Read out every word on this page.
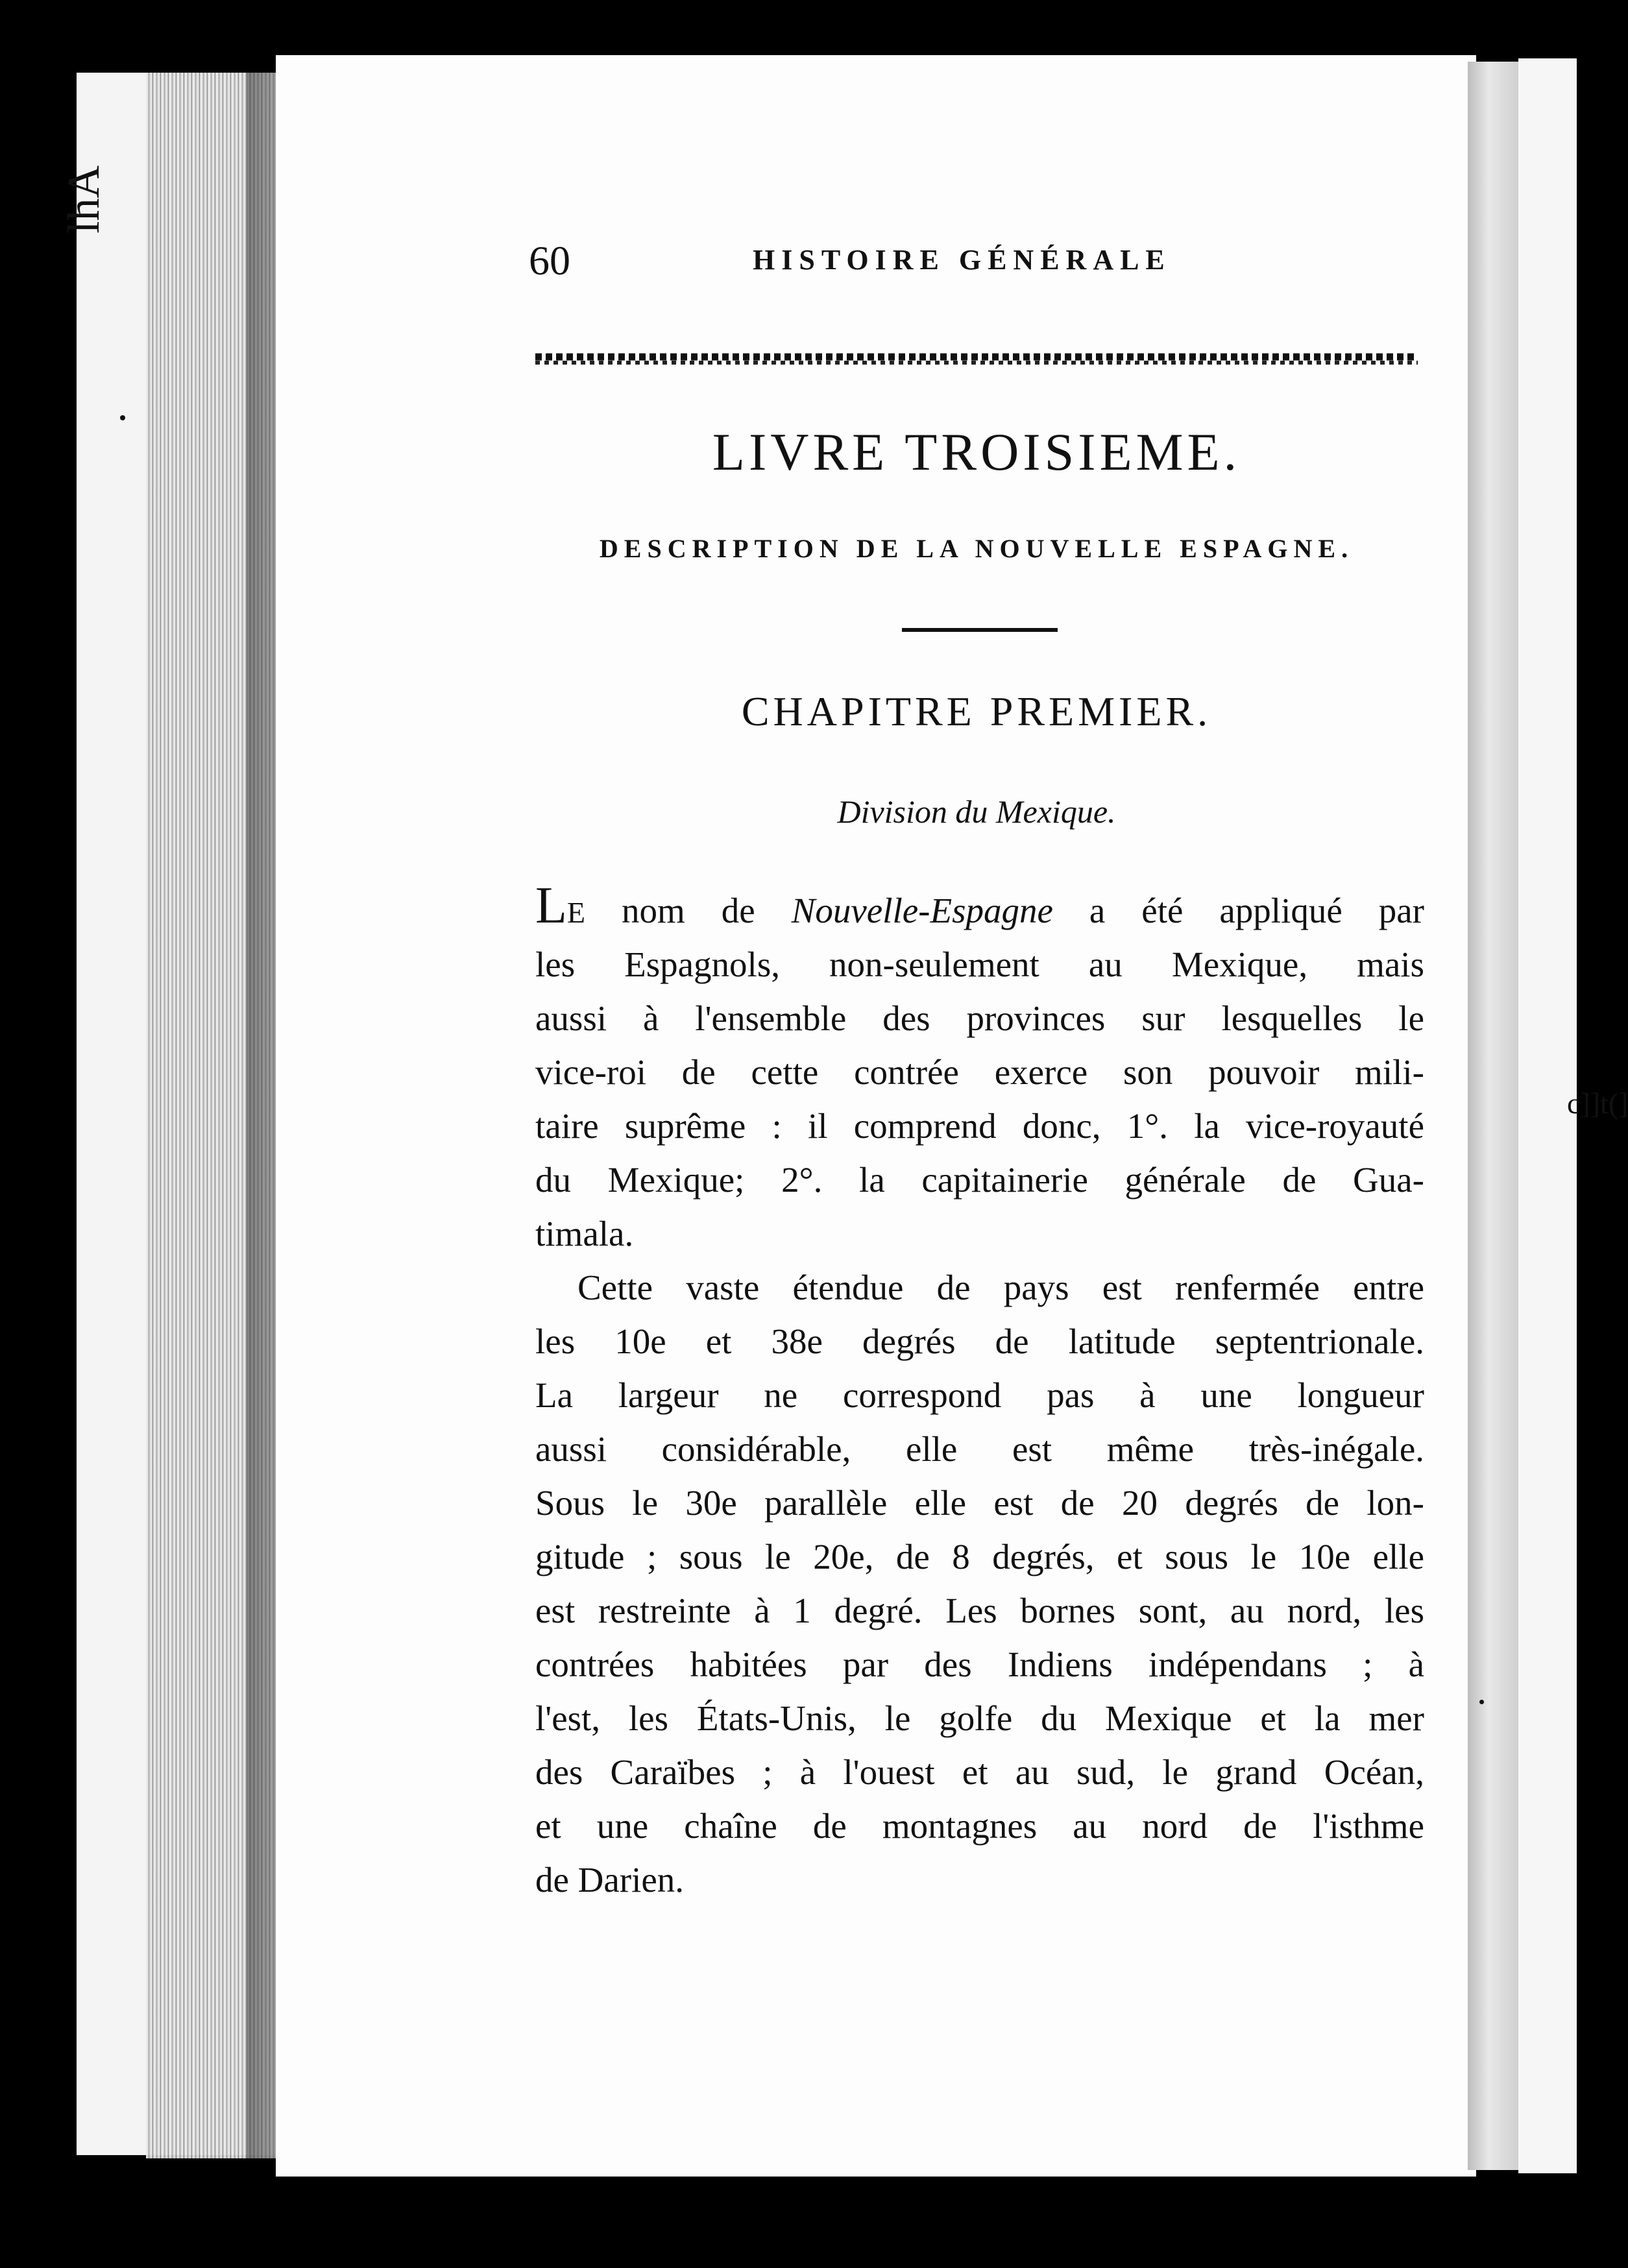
lhA
c]]t(]
60	HISTOIRE GÉNÉRALE
LIVRE TROISIEME.
DESCRIPTION DE LA NOUVELLE ESPAGNE.
CHAPITRE PREMIER.
Division du Mexique.
LE nom de Nouvelle-Espagne a été appliqué par
les Espagnols, non-seulement au Mexique, mais
aussi à l'ensemble des provinces sur lesquelles le
vice-roi de cette contrée exerce son pouvoir mili-
taire suprême : il comprend donc, 1°. la vice-royauté
du Mexique; 2°. la capitainerie générale de Gua-
timala.
Cette vaste étendue de pays est renfermée entre
les 10e et 38e degrés de latitude septentrionale.
La largeur ne correspond pas à une longueur
aussi considérable, elle est même très-inégale.
Sous le 30e parallèle elle est de 20 degrés de lon-
gitude ; sous le 20e, de 8 degrés, et sous le 10e elle
est restreinte à 1 degré. Les bornes sont, au nord, les
contrées habitées par des Indiens indépendans ; à
l'est, les États-Unis, le golfe du Mexique et la mer
des Caraïbes ; à l'ouest et au sud, le grand Océan,
et une chaîne de montagnes au nord de l'isthme
de Darien.
